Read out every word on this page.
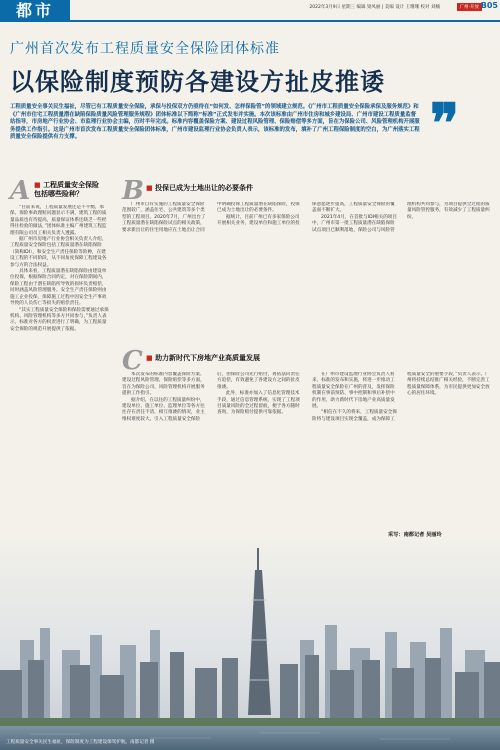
都市	2022年3月9日 星期三 编辑 梁凤丽 | 美编 设计 王珊珊 校对 刘楠	广州·开放 B05
广州首次发布工程质量安全保险团体标准
以保险制度预防各建设方扯皮推诿
工程质量安全事关民生福祉，尽管已有工程质量安全保险，承保与投保双方仍亟待在“如何发、怎样保险管”的领域建立规范。《广州市工程质量安全保险承保及服务规范》和《广州市住宅工程质量潜在缺陷保险质量风险管理服务规程》团体标准以下简称“标准”正式发布并实施。本次该标准由广州市住房和城乡建设局、广州市建设工程质量监督站指导，市房地产行业协会、市监理行业协会主编，历时半年完成。标准内容覆盖保险方案、建设过程风险管理、保险赔偿等多方面，旨在为保险公司、风险管理机构开展服务提供工作指引。这是广州市首次发布工程质量安全保险团体标准，广州市建设监理行业协会负责人表示，该标准的发布，填补了广州工程保险制度的空白，为广州落实工程质量安全保险提供有力支撑。	❞
A ■ 工程质量安全保险包括哪些险种？

“目前来说，工程质量发展还是不平衡，承保、保险事故理赔问题显示不满，建筑工程的质量品质也有待提高，质量保证体系还缺乏一些经得住检验的做法，”团体标准主编广州建筑工程监理有限公司员工相关负责人透露。

据广州市房地产行业协会相关负责人介绍，工程质量安全保险包括工程质量潜在缺陷保险（简称IDI），和安全生产责任保险等险种，在建设工程的不同阶段，从不同角度保障工程建设各参与方的合法权益。

具体来看，工程质量潜在缺陷保险由建设单位投保，根据保险合同约定，对在保险期间内，保险工程由于潜在缺陷所导致的损坏负责赔偿，同时涵盖风险管理服务。安全生产责任保险则由施工企业投保，保障施工过程中因安全生产事故导致的人员伤亡等损失的赔偿责任。

“其实工程质量安全保险和保险需要通过承保机构、风险管理机构等多方共同参与，”负责人表示，标准对各方的权责进行了明确，为工程质量安全保险的规范开展提供了依据。

B ■ 投保已成为土地出让的必要条件

广州市自有实施的工程质量安全保险范围较广，涵盖住宅、公共建筑等多个类型的工程项目。2020年7月，广州出台了工程质量潜在缺陷保险试点的相关政策，要求新出让的住宅用地应在土地出让合同中明确投保工程质量潜在缺陷保险，投保已成为土地出让的必要条件。

据统计，目前广州已有多家保险公司开展相关业务，建设单位和施工单位的投保意愿逐步提高，工程质量安全保险的覆盖面不断扩大。

2021年4月，在首批与IDI相关的项目中，广州市第一批工程质量潜在缺陷保险试点项目已顺利落地，保险公司与风险管理机构共同参与，为项目提供全过程的质量风险管控服务，有效减少了工程质量纠纷。

C ■ 助力新时代下房地产业高质量发展

本次发布的标准内容覆盖保险方案、建设过程风险管理、保险赔偿等多方面，旨在为保险公司、风险管理机构开展服务提供工作指引。

据介绍，在以往的工程质量纠纷中，建设单位、施工单位、监理单位等各方往往存在责任不清、相互推诿的情况，业主维权难度较大。引入工程质量安全保险后，由保险公司先行赔付，再依法向责任方追偿，有效避免了各建设方之间的扯皮推诿。

此外，标准亦加入了信息化管理技术手段，通过信息管理系统，实现了工程项目质量风险的全过程留痕，便于各方随时查询，为保险赔付提供可靠依据。

在广州市建设监理行业协会负责人看来，标准的发布和实施，将进一步推动工程质量安全保险在广州的普及，发挥保险机制在事前预防、事中控制和事后补偿中的作用，助力新时代下房地产业高质量发展。

“相信在不久的将来，工程质量安全保险将与建设项目实现全覆盖，成为保障工程质量安全的重要手段，”负责人表示，广州将持续总结推广相关经验，不断完善工程质量保障体系，为市民提供更加安全放心的居住环境。

采写：南都记者 吴丽玲
工程质量安全事关民生福祉，保险制度为工程建设保驾护航。南都记者 摄
